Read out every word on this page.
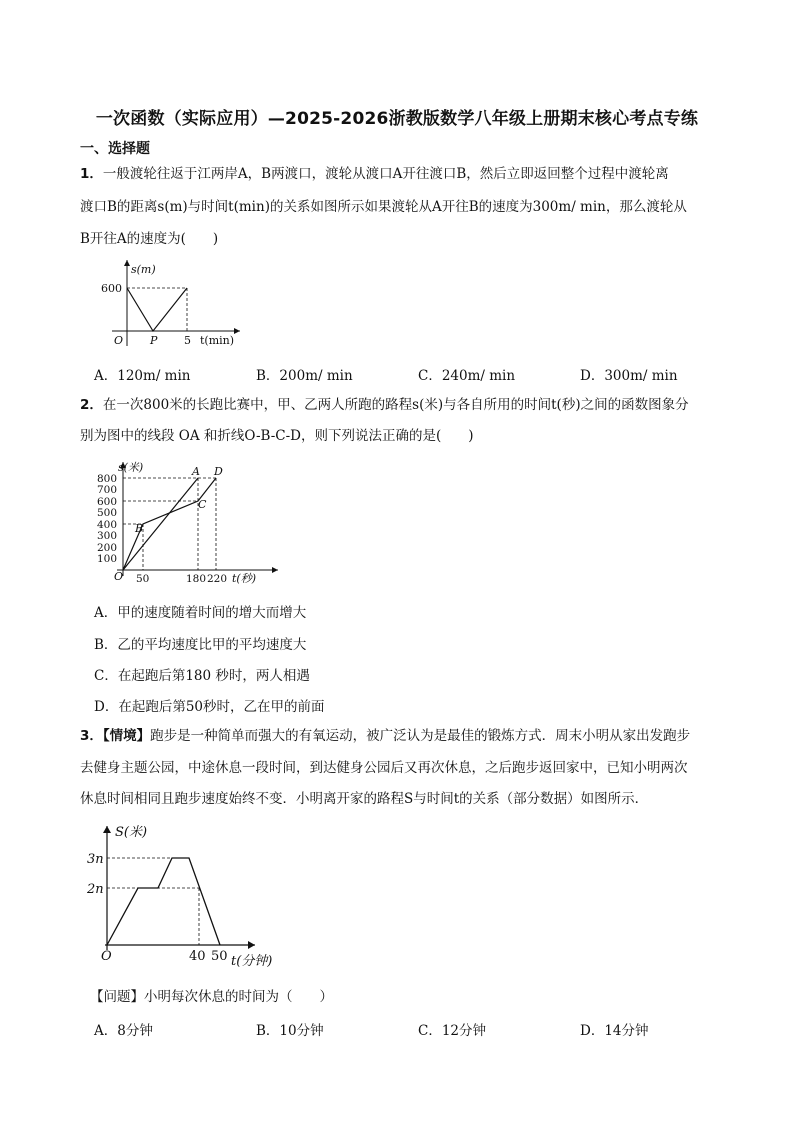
一次函数（实际应用）—2025-2026浙教版数学八年级上册期末核心考点专练
一、选择题
1．一般渡轮往返于江两岸A，B两渡口，渡轮从渡口A开往渡口B，然后立即返回整个过程中渡轮离
渡口B的距离s(m)与时间t(min)的关系如图所示如果渡轮从A开往B的速度为300m/ min，那么渡轮从
B开往A的速度为(　　)
s(m)
600
O P 5 t(min)
A．120m/ min	B．200m/ min	C．240m/ min	D．300m/ min
2．在一次800米的长跑比赛中，甲、乙两人所跑的路程s(米)与各自所用的时间t(秒)之间的函数图象分
别为图中的线段 OA 和折线O-B-C-D，则下列说法正确的是(　　)
s(米)
800
700
600
500
400
300
200
100
O 50	180 220 t(秒)
A D
C
B
A．甲的速度随着时间的增大而增大
B．乙的平均速度比甲的平均速度大
C．在起跑后第180 秒时，两人相遇
D．在起跑后第50秒时，乙在甲的前面
3．【情境】跑步是一种简单而强大的有氧运动，被广泛认为是最佳的锻炼方式．周末小明从家出发跑步
去健身主题公园，中途休息一段时间，到达健身公园后又再次休息，之后跑步返回家中，已知小明两次
休息时间相同且跑步速度始终不变．小明离开家的路程S与时间t的关系（部分数据）如图所示．
S(米)
3n
2n
O	40 50 t(分钟)
【问题】小明每次休息的时间为（　　）
A．8分钟	B．10分钟	C．12分钟	D．14分钟
